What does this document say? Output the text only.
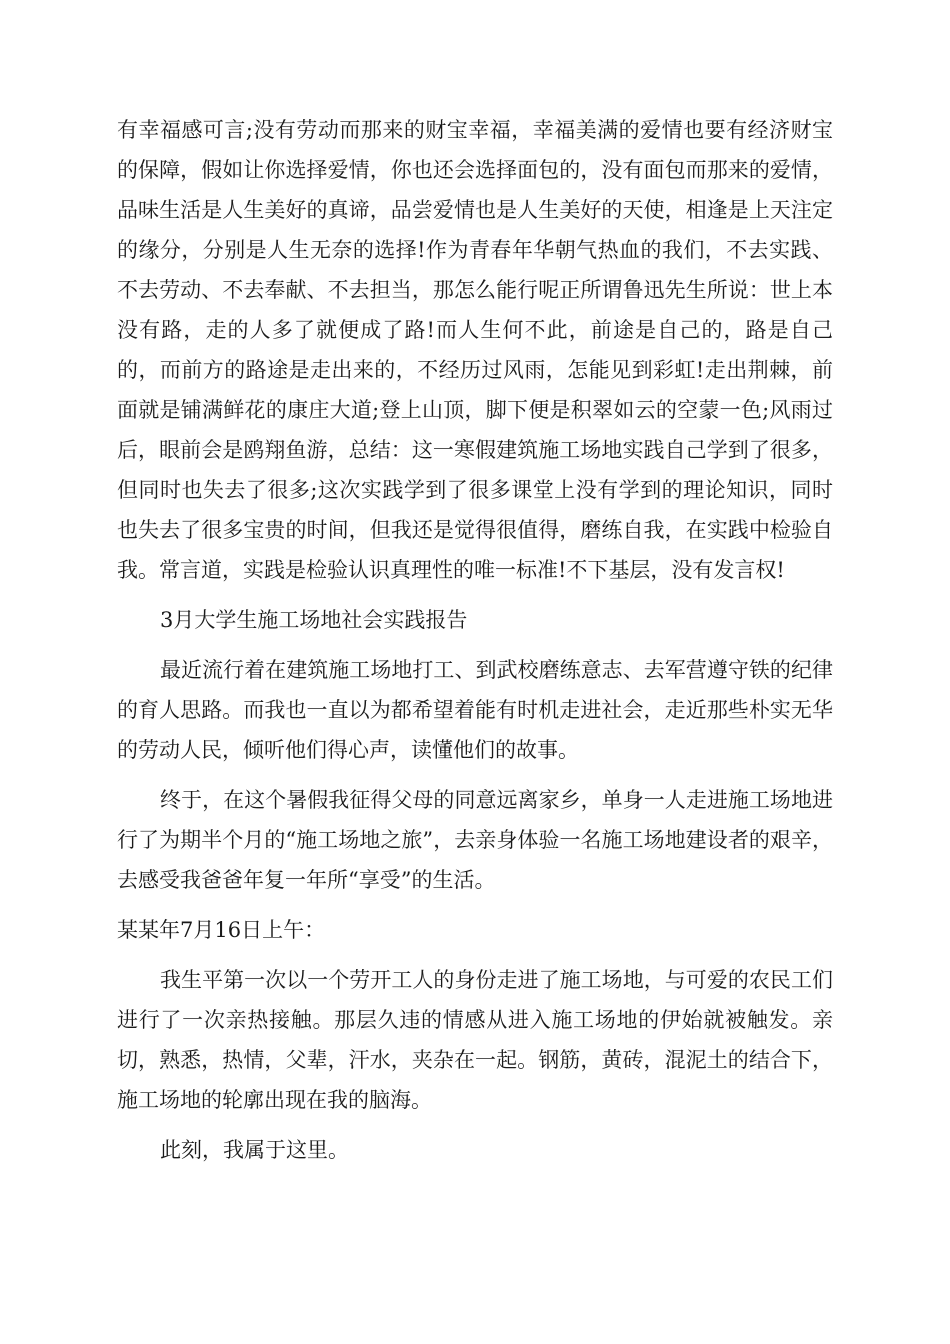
有幸福感可言;没有劳动而那来的财宝幸福，幸福美满的爱情也要有经济财宝的保障，假如让你选择爱情，你也还会选择面包的，没有面包而那来的爱情，品味生活是人生美好的真谛，品尝爱情也是人生美好的天使，相逢是上天注定的缘分，分别是人生无奈的选择!作为青春年华朝气热血的我们，不去实践、不去劳动、不去奉献、不去担当，那怎么能行呢正所谓鲁迅先生所说：世上本没有路，走的人多了就便成了路!而人生何不此，前途是自己的，路是自己的，而前方的路途是走出来的，不经历过风雨，怎能见到彩虹!走出荆棘，前面就是铺满鲜花的康庄大道;登上山顶，脚下便是积翠如云的空蒙一色;风雨过后，眼前会是鸥翔鱼游，总结：这一寒假建筑施工场地实践自己学到了很多，但同时也失去了很多;这次实践学到了很多课堂上没有学到的理论知识，同时也失去了很多宝贵的时间，但我还是觉得很值得，磨练自我，在实践中检验自我。常言道，实践是检验认识真理性的唯一标准!不下基层，没有发言权!

3月大学生施工场地社会实践报告

最近流行着在建筑施工场地打工、到武校磨练意志、去军营遵守铁的纪律的育人思路。而我也一直以为都希望着能有时机走进社会，走近那些朴实无华的劳动人民，倾听他们得心声，读懂他们的故事。

终于，在这个暑假我征得父母的同意远离家乡，单身一人走进施工场地进行了为期半个月的“施工场地之旅”，去亲身体验一名施工场地建设者的艰辛，去感受我爸爸年复一年所“享受”的生活。

某某年7月16日上午：

我生平第一次以一个劳开工人的身份走进了施工场地，与可爱的农民工们进行了一次亲热接触。那层久违的情感从进入施工场地的伊始就被触发。亲切，熟悉，热情，父辈，汗水，夹杂在一起。钢筋，黄砖，混泥土的结合下，施工场地的轮廓出现在我的脑海。

此刻，我属于这里。
